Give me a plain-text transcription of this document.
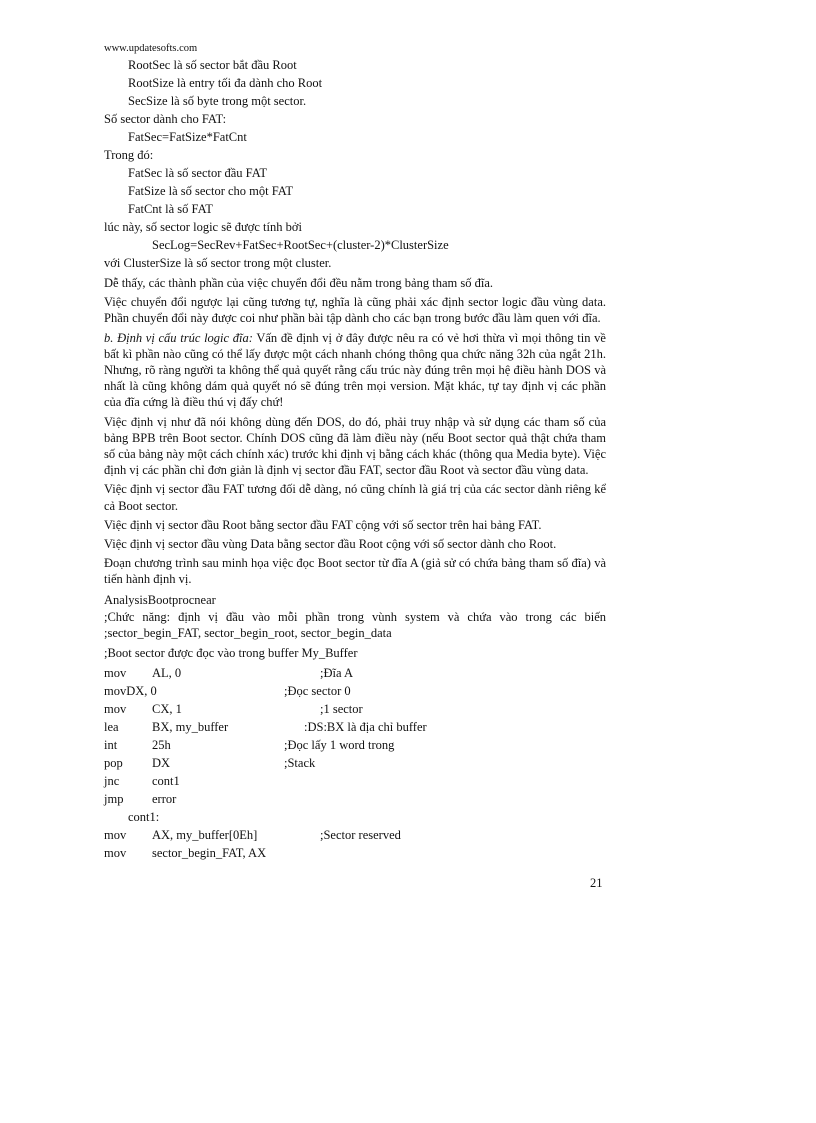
www.updatesofts.com

RootSec là số sector bắt đầu Root

RootSize là entry tối đa dành cho Root

SecSize là số byte trong một sector.

Số sector dành cho FAT:

FatSec=FatSize*FatCnt

Trong đó:

FatSec là số sector đầu FAT

FatSize là số sector cho một FAT

FatCnt là số FAT

lúc này, số sector logic sẽ được tính bởi

SecLog=SecRev+FatSec+RootSec+(cluster-2)*ClusterSize

với ClusterSize là số sector trong một cluster.

Dễ thấy, các thành phần của việc chuyển đổi đều nằm trong bảng tham số đĩa.

Việc chuyển đổi ngược lại cũng tương tự, nghĩa là cũng phải xác định sector logic đầu vùng data. Phần chuyển đổi này được coi như phần bài tập dành cho các bạn trong bước đầu làm quen với đĩa.

b. Định vị cấu trúc logic đĩa: Vấn đề định vị ở đây được nêu ra có vẻ hơi thừa vì mọi thông tin về bất kì phần nào cũng có thể lấy được một cách nhanh chóng thông qua chức năng 32h của ngắt 21h. Nhưng, rõ ràng người ta không thể quả quyết rằng cấu trúc này đúng trên mọi hệ điều hành DOS và nhất là cũng không dám quả quyết nó sẽ đúng trên mọi version. Mặt khác, tự tay định vị các phần của đĩa cứng là điều thú vị đấy chứ!

Việc định vị như đã nói không dùng đến DOS, do đó, phải truy nhập và sử dụng các tham số của bảng BPB trên Boot sector. Chính DOS cũng đã làm điều này (nếu Boot sector quả thật chứa tham số của bảng này một cách chính xác) trước khi định vị bằng cách khác (thông qua Media byte). Việc định vị các phần chỉ đơn giản là định vị sector đầu FAT, sector đầu Root và sector đầu vùng data.

Việc định vị sector đầu FAT tương đối dễ dàng, nó cũng chính là giá trị của các sector dành riêng kể cả Boot sector.

Việc định vị sector đầu Root bằng sector đầu FAT cộng với số sector trên hai bảng FAT.

Việc định vị sector đầu vùng Data bằng sector đầu Root cộng với số sector dành cho Root.

Đoạn chương trình sau minh họa việc đọc Boot sector từ đĩa A (giả sử có chứa bảng tham số đĩa) và tiến hành định vị.

AnalysisBootprocnear

;Chức năng: định vị đầu vào mỗi phần trong vùnh system và chứa vào trong các biến ;sector_begin_FAT, sector_begin_root, sector_begin_data

;Boot sector được đọc vào trong buffer My_Buffer

mov AL, 0	;Đĩa A
movDX, 0	;Đọc sector 0
mov CX, 1	;1 sector
lea	BX, my_buffer	:DS:BX là địa chỉ buffer
int	25h	;Đọc lấy 1 word trong
pop DX	;Stack
jnc	cont1
jmp error
cont1:
mov AX, my_buffer[0Eh]	;Sector reserved
mov sector_begin_FAT, AX
21
